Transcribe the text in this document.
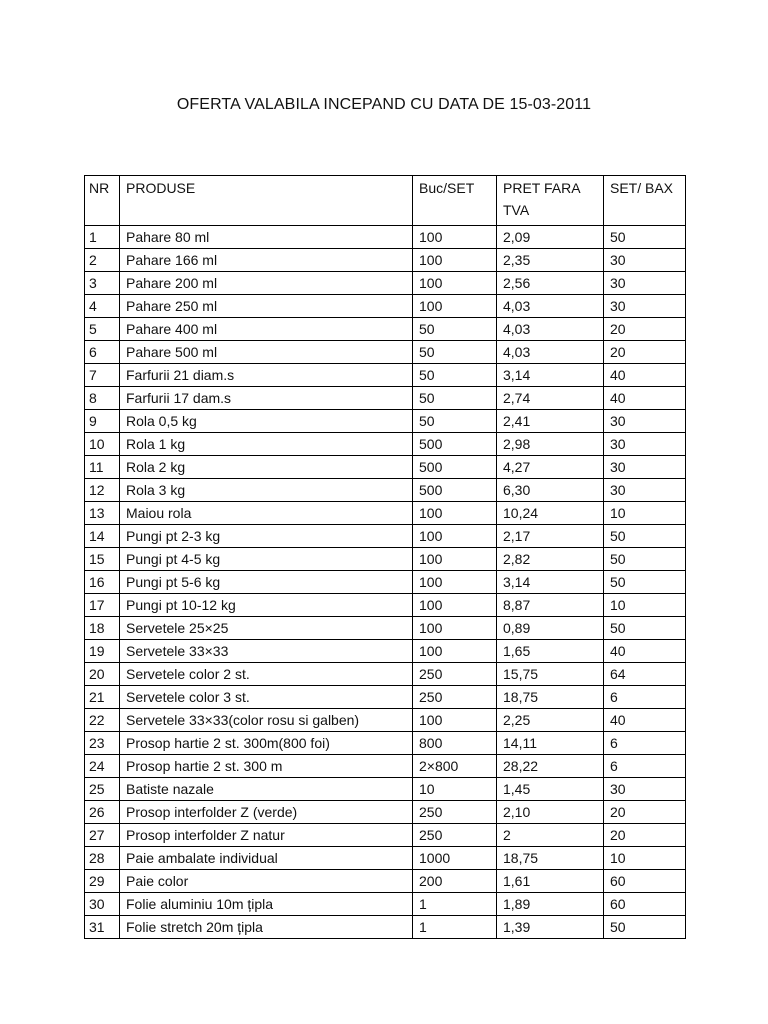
OFERTA VALABILA INCEPAND CU DATA DE 15-03-2011
NR	PRODUSE	Buc/SET	PRET FARA TVA	SET/ BAX
1	Pahare 80 ml	100	2,09	50
2	Pahare 166 ml	100	2,35	30
3	Pahare 200 ml	100	2,56	30
4	Pahare 250 ml	100	4,03	30
5	Pahare 400 ml	50	4,03	20
6	Pahare 500 ml	50	4,03	20
7	Farfurii 21 diam.s	50	3,14	40
8	Farfurii 17 dam.s	50	2,74	40
9	Rola 0,5 kg	50	2,41	30
10	Rola 1 kg	500	2,98	30
11	Rola 2 kg	500	4,27	30
12	Rola 3 kg	500	6,30	30
13	Maiou rola	100	10,24	10
14	Pungi pt 2-3 kg	100	2,17	50
15	Pungi pt 4-5 kg	100	2,82	50
16	Pungi pt 5-6 kg	100	3,14	50
17	Pungi pt 10-12 kg	100	8,87	10
18	Servetele 25×25	100	0,89	50
19	Servetele 33×33	100	1,65	40
20	Servetele color 2 st.	250	15,75	64
21	Servetele color 3 st.	250	18,75	6
22	Servetele 33×33(color rosu si galben)	100	2,25	40
23	Prosop hartie 2 st. 300m(800 foi)	800	14,11	6
24	Prosop hartie 2 st. 300 m	2×800	28,22	6
25	Batiste nazale	10	1,45	30
26	Prosop interfolder Z (verde)	250	2,10	20
27	Prosop interfolder Z natur	250	2	20
28	Paie ambalate individual	1000	18,75	10
29	Paie color	200	1,61	60
30	Folie aluminiu 10m țipla	1	1,89	60
31	Folie stretch 20m țipla	1	1,39	50
